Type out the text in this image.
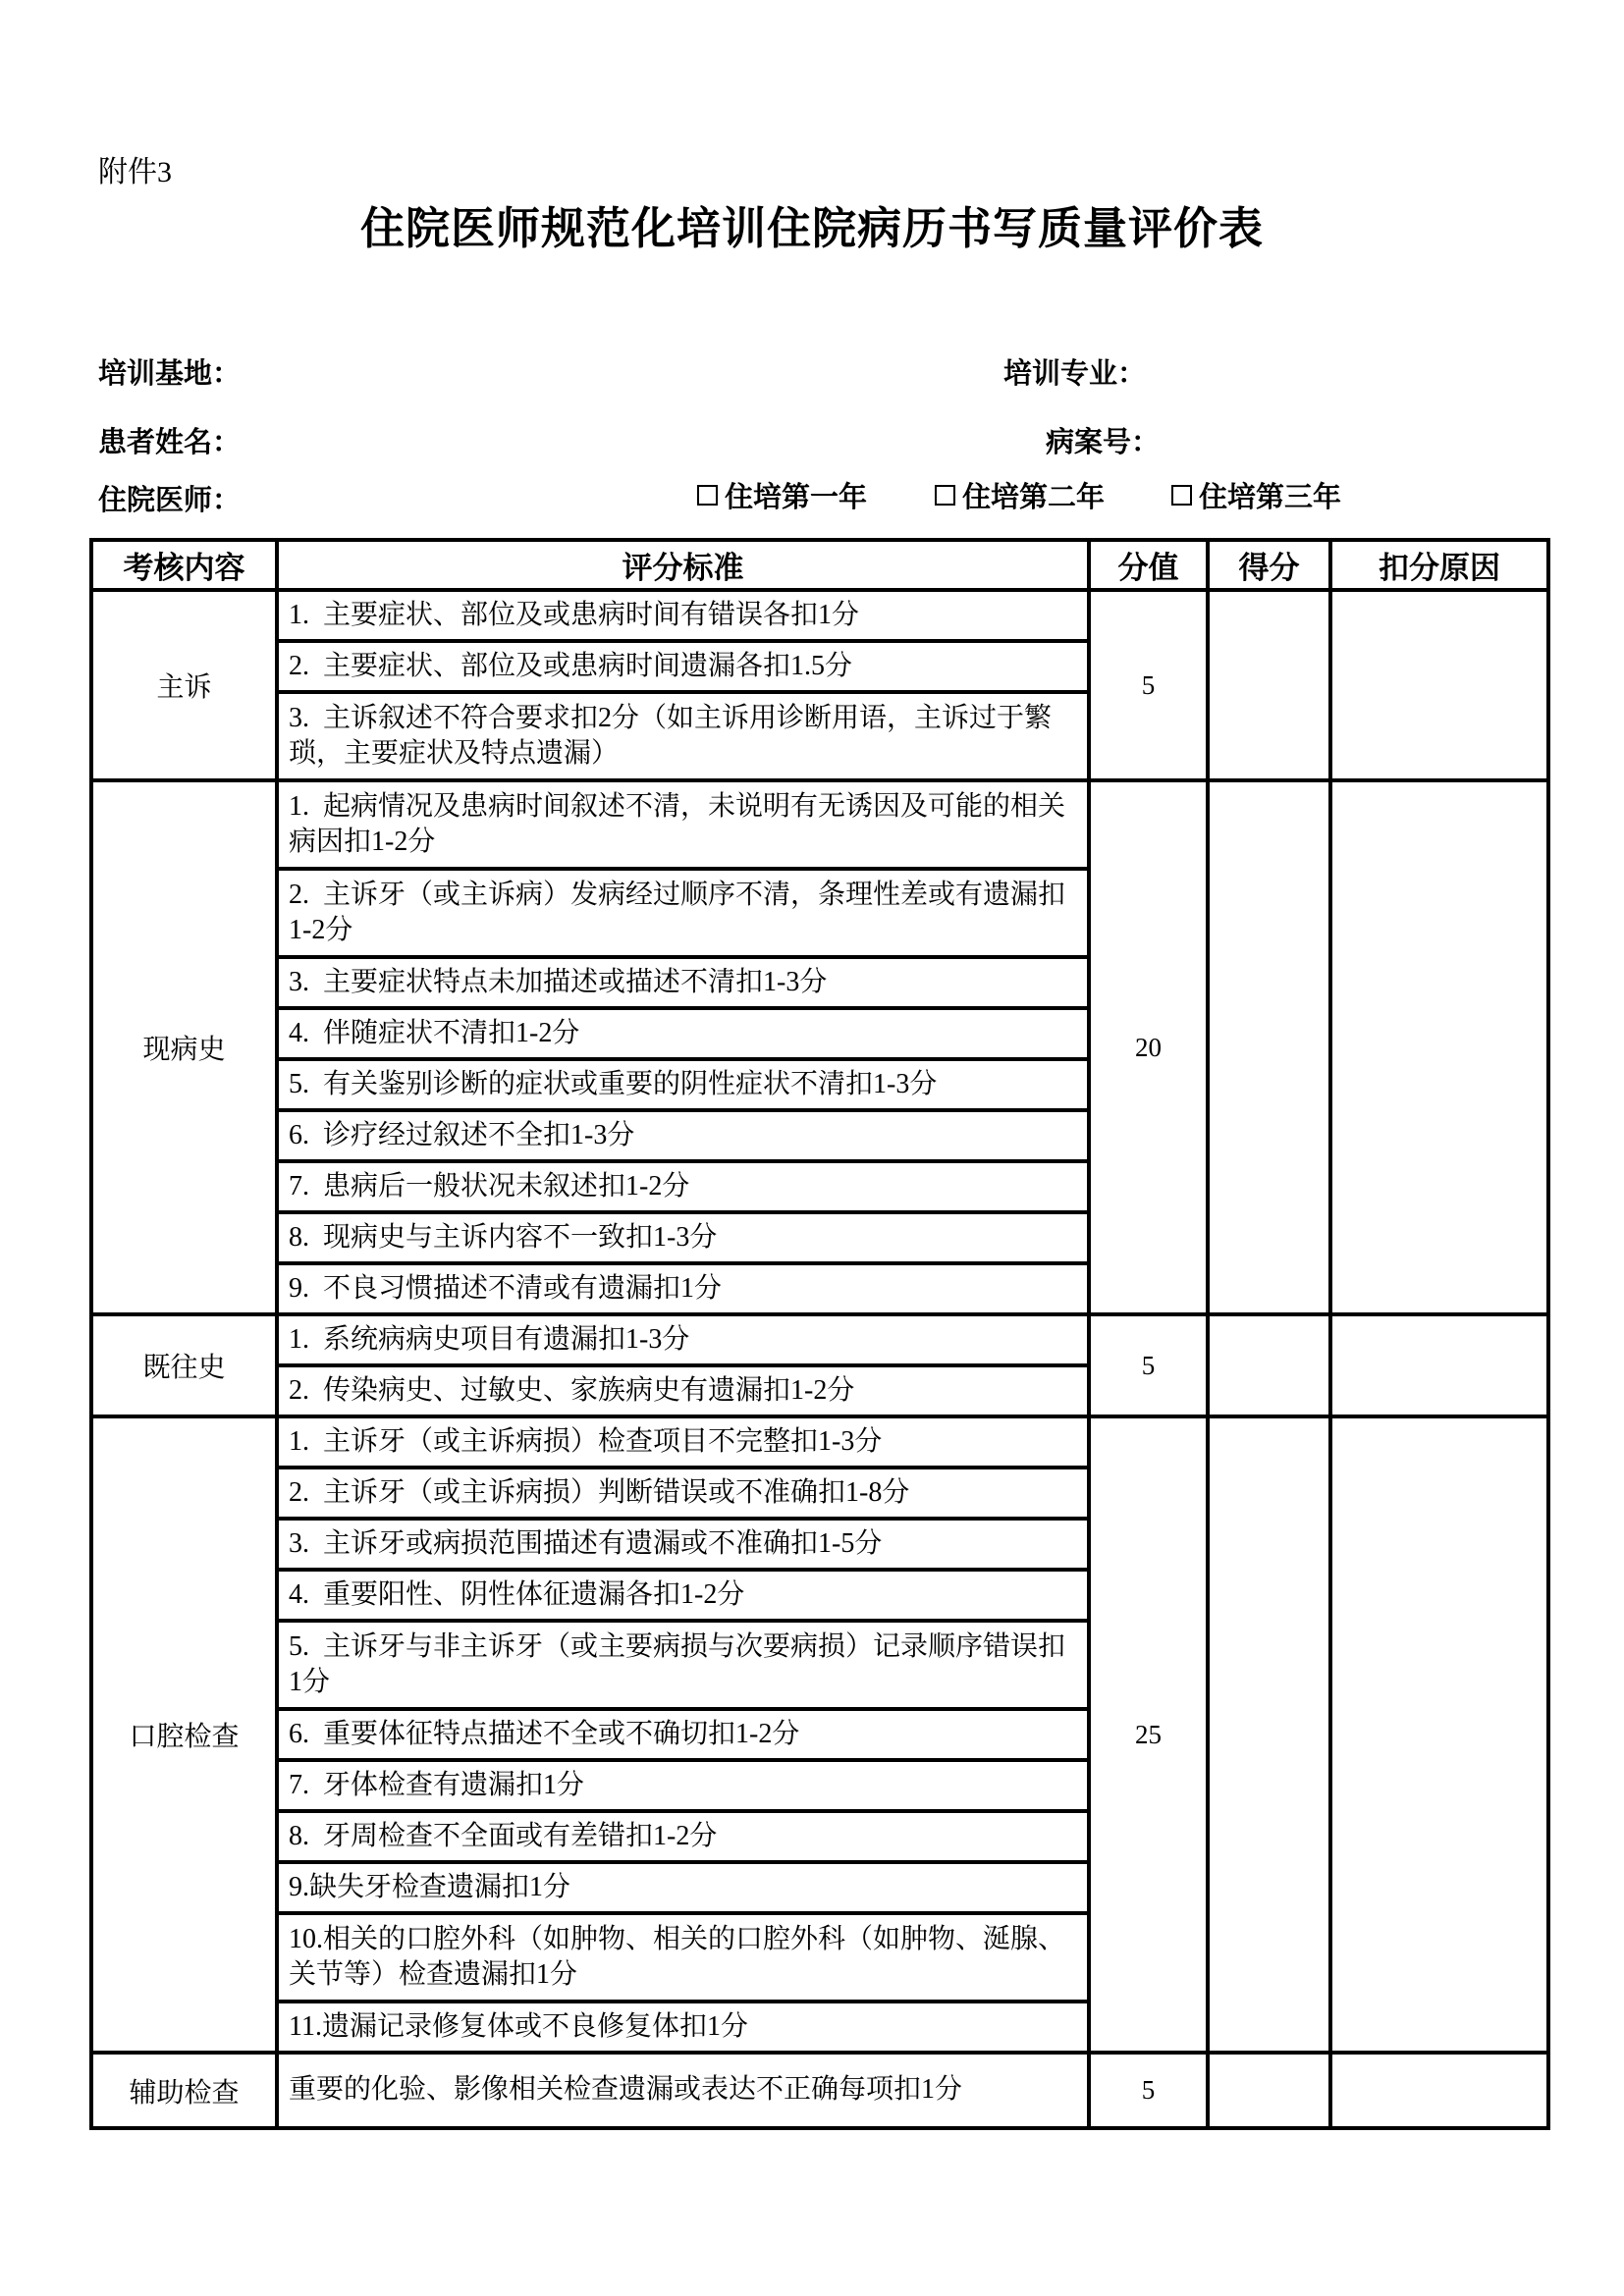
附件3
住院医师规范化培训住院病历书写质量评价表
培训基地：	培训专业：
患者姓名：	病案号：
住院医师：	住培第一年	住培第二年	住培第三年
考核内容	评分标准	分值	得分	扣分原因
主诉	1.  主要症状、部位及或患病时间有错误各扣1分	5		
	2.  主要症状、部位及或患病时间遗漏各扣1.5分			
	3.  主诉叙述不符合要求扣2分（如主诉用诊断用语，主诉过于繁琐，主要症状及特点遗漏）			
现病史	1.  起病情况及患病时间叙述不清，未说明有无诱因及可能的相关病因扣1-2分	20		
	2.  主诉牙（或主诉病）发病经过顺序不清，条理性差或有遗漏扣1-2分			
	3.  主要症状特点未加描述或描述不清扣1-3分			
	4.  伴随症状不清扣1-2分			
	5.  有关鉴别诊断的症状或重要的阴性症状不清扣1-3分			
	6.  诊疗经过叙述不全扣1-3分			
	7.  患病后一般状况未叙述扣1-2分			
	8.  现病史与主诉内容不一致扣1-3分			
	9.  不良习惯描述不清或有遗漏扣1分			
既往史	1.  系统病病史项目有遗漏扣1-3分	5		
	2.  传染病史、过敏史、家族病史有遗漏扣1-2分			
口腔检查	1.  主诉牙（或主诉病损）检查项目不完整扣1-3分	25		
	2.  主诉牙（或主诉病损）判断错误或不准确扣1-8分			
	3.  主诉牙或病损范围描述有遗漏或不准确扣1-5分			
	4.  重要阳性、阴性体征遗漏各扣1-2分			
	5.  主诉牙与非主诉牙（或主要病损与次要病损）记录顺序错误扣1分			
	6.  重要体征特点描述不全或不确切扣1-2分			
	7.  牙体检查有遗漏扣1分			
	8.  牙周检查不全面或有差错扣1-2分			
	9.缺失牙检查遗漏扣1分			
	10.相关的口腔外科（如肿物、相关的口腔外科（如肿物、涎腺、关节等）检查遗漏扣1分			
	11.遗漏记录修复体或不良修复体扣1分			
辅助检查	重要的化验、影像相关检查遗漏或表达不正确每项扣1分	5		
